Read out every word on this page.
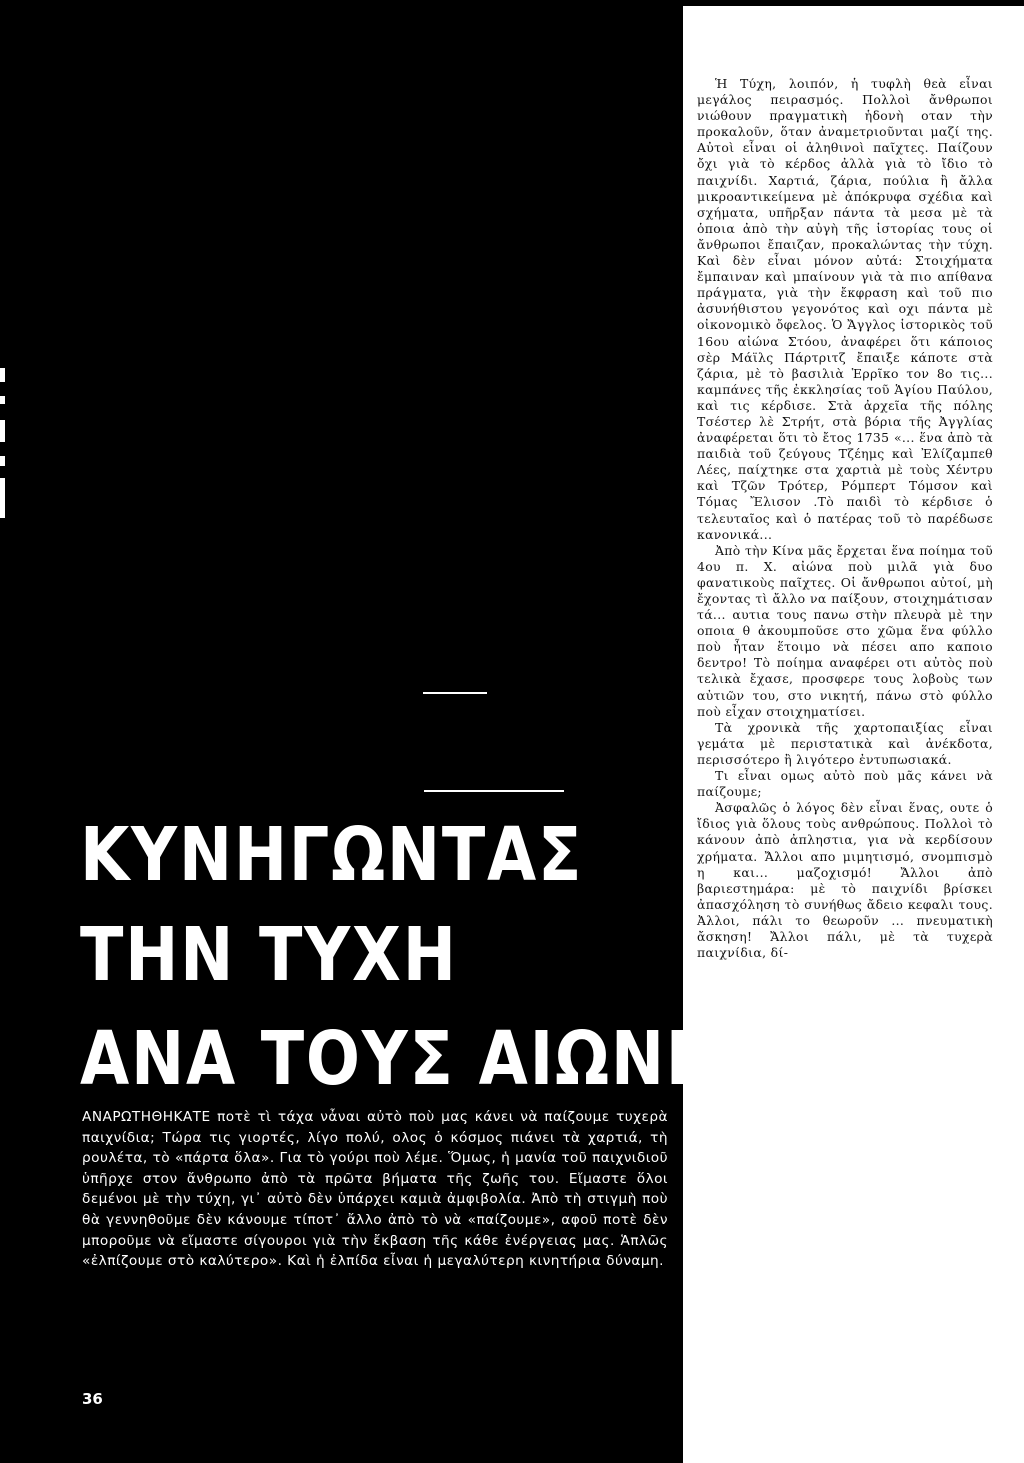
ΚΥΝΗΓΩΝΤΑΣ
ΤΗΝ ΤΥΧΗ
ΑΝΑ ΤΟΥΣ ΑΙΩΝΕΣ

ΑΝΑΡΩΤΗΘΗΚΑΤΕ ποτὲ τὶ τάχα νἆναι αὐτὸ ποὺ μας κάνει νὰ παίζουμε τυχερὰ παιχνίδια; Τώρα τις γιορτές, λίγο πολύ, ολος ὁ κόσμος πιάνει τὰ χαρτιά, τὴ ρουλέτα, τὸ «πάρτα ὅλα». Για τὸ γούρι ποὺ λέμε. Ὅμως, ἡ μανία τοῦ παιχνιδιοῦ ὑπῆρχε στον ἄνθρωπο ἀπὸ τὰ πρῶτα βήματα τῆς ζωῆς του. Εἴμαστε ὅλοι δεμένοι μὲ τὴν τύχη, γι᾽ αὐτὸ δὲν ὑπάρχει καμιὰ ἀμφιβολία. Ἀπὸ τὴ στιγμὴ ποὺ θὰ γεννηθοῦμε δὲν κάνουμε τίποτ᾽ ἄλλο ἀπὸ τὸ νὰ «παίζουμε», αφοῦ ποτὲ δὲν μποροῦμε νὰ εἴμαστε σίγουροι γιὰ τὴν ἔκβαση τῆς κάθε ἐνέργειας μας. Ἁπλῶς «ἐλπίζουμε στὸ καλύτερο». Καὶ ἡ ἐλπίδα εἶναι ἡ μεγαλύτερη κινητήρια δύναμη.

36

Ἡ Τύχη, λοιπόν, ἡ τυφλὴ θεὰ εἶναι μεγάλος πειρασμός. Πολλοὶ ἄνθρωποι νιώθουν πραγματικὴ ἡδονὴ οταν τὴν προκαλοῦν, ὅταν ἀναμετριοῦνται μαζί της. Αὐτοὶ εἶναι οἱ ἀληθινοὶ παῖχτες. Παίζουν ὄχι γιὰ τὸ κέρδος ἀλλὰ γιὰ τὸ ἴδιο τὸ παιχνίδι. Χαρτιά, ζάρια, πούλια ἢ ἄλλα μικροαντικείμενα μὲ ἀπόκρυφα σχέδια καὶ σχήματα, υπῆρξαν πάντα τὰ μεσα μὲ τὰ ὁποια ἀπὸ τὴν αὐγὴ τῆς ἱστορίας τους οἱ ἄνθρωποι ἔπαιζαν, προκαλώντας τὴν τύχη. Καὶ δὲν εἶναι μόνον αὐτά: Στοιχήματα ἔμπαιναν καὶ μπαίνουν γιὰ τὰ πιο απίθανα πράγματα, γιὰ τὴν ἔκφραση καὶ τοῦ πιο ἀσυνήθιστου γεγονότος καὶ οχι πάντα μὲ οἰκονομικὸ ὄφελος. Ὁ Ἄγγλος ἱστορικὸς τοῦ 16ου αἰώνα Στόου, ἀναφέρει ὅτι κάποιος σὲρ Μάϊλς Πάρτριτζ ἔπαιξε κάποτε στὰ ζάρια, μὲ τὸ βασιλιὰ Ἑρρῖκο τον 8ο τις... καμπάνες τῆς ἐκκλησίας τοῦ Ἁγίου Παύλου, καὶ τις κέρδισε. Στὰ ἀρχεῖα τῆς πόλης Τσέστερ λὲ Στρήτ, στὰ βόρια τῆς Ἀγγλίας ἀναφέρεται ὅτι τὸ ἔτος 1735 «... ἕνα ἀπὸ τὰ παιδιὰ τοῦ ζεύγους Τζέημς καὶ Ἐλίζαμπεθ Λέες, παίχτηκε στα χαρτιὰ μὲ τοὺς Χέντρυ καὶ Τζῶν Τρότερ, Ρόμπερτ Τόμσον καὶ Τόμας Ἔλισον .Τὸ παιδὶ τὸ κέρδισε ὁ τελευταῖος καὶ ὁ πατέρας τοῦ τὸ παρέδωσε κανονικά...

Ἀπὸ τὴν Κίνα μᾶς ἔρχεται ἕνα ποίημα τοῦ 4ου π. Χ. αἰώνα ποὺ μιλᾶ γιὰ δυο φανατικοὺς παῖχτες. Οἱ ἄνθρωποι αὐτοί, μὴ ἔχοντας τὶ ἄλλο να παίξουν, στοιχημάτισαν τά... αυτια τους πανω στὴν πλευρὰ μὲ την οποια θ ἀκουμποῦσε στο χῶμα ἕνα φύλλο ποὺ ἦταν ἕτοιμο νὰ πέσει απο καποιο δεντρο! Τὸ ποίημα αναφέρει οτι αὐτὸς ποὺ τελικὰ ἔχασε, προσφερε τους λοβοὺς των αὐτιῶν του, στο νικητή, πάνω στὸ φύλλο ποὺ εἶχαν στοιχηματίσει.

Τὰ χρονικὰ τῆς χαρτοπαιξίας εἶναι γεμάτα μὲ περιστατικὰ καὶ ἀνέκδοτα, περισσότερο ἢ λιγότερο ἐντυπωσιακά.

Τι εἶναι ομως αὐτὸ ποὺ μᾶς κάνει νὰ παίζουμε;

Ἀσφαλῶς ὁ λόγος δὲν εἶναι ἕνας, ουτε ὁ ἴδιος γιὰ ὅλους τοὺς ανθρώπους. Πολλοὶ τὸ κάνουν ἀπὸ ἀπληστια, για νὰ κερδίσουν χρήματα. Ἄλλοι απο μιμητισμό, σνομπισμὸ η και... μαζοχισμό! Ἄλλοι ἀπὸ βαριεστημάρα: μὲ τὸ παιχνίδι βρίσκει ἀπασχόληση τὸ συνήθως ἄδειο κεφαλι τους. Ἀλλοι, πάλι το θεωροῦν ... πνευματικὴ ἄσκηση! Ἄλλοι πάλι, μὲ τὰ τυχερὰ παιχνίδια, δί-
